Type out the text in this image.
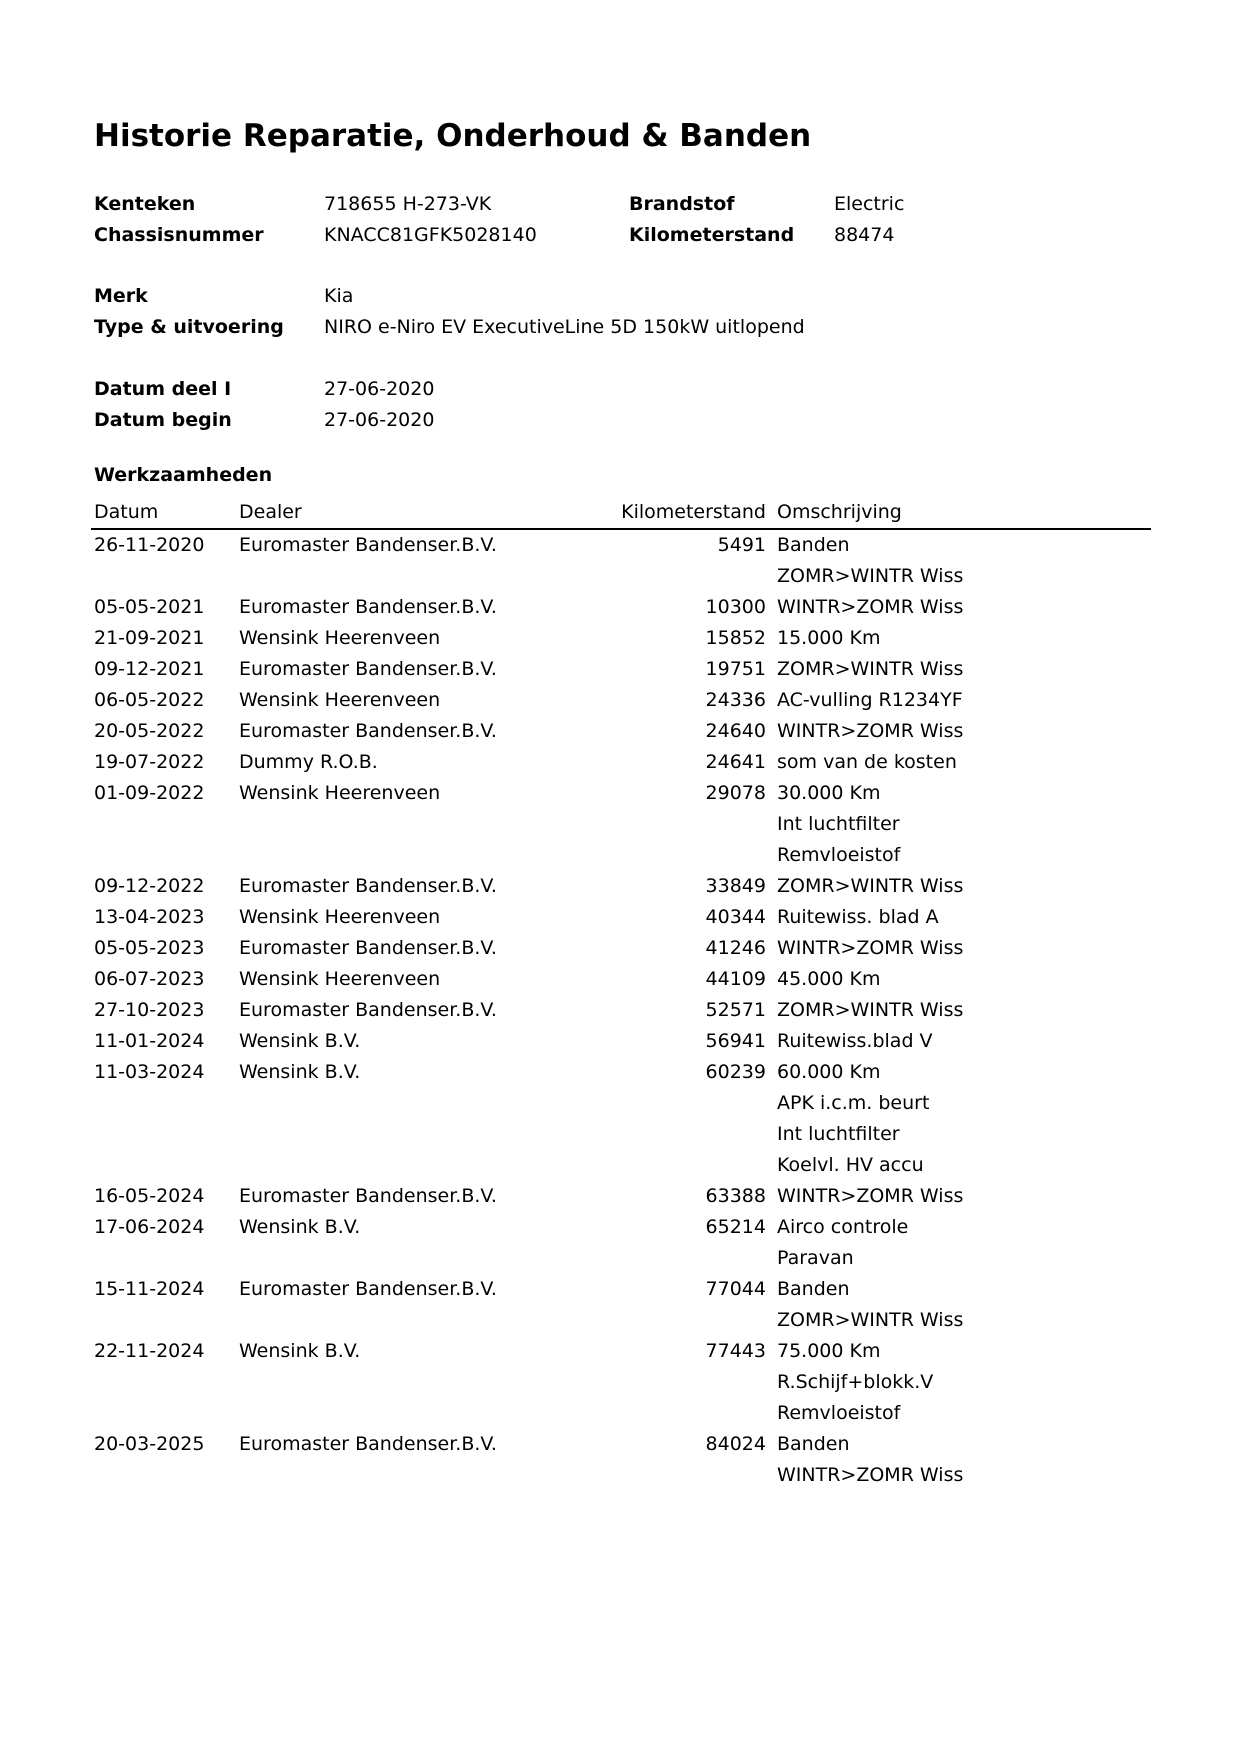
Historie Reparatie, Onderhoud & Banden
Kenteken	718655 H-273-VK	Brandstof	Electric
Chassisnummer	KNACC81GFK5028140	Kilometerstand 88474
Merk	Kia
Type & uitvoering NIRO e-Niro EV ExecutiveLine 5D 150kW uitlopend
Datum deel I	27-06-2020
Datum begin	27-06-2020
Werkzaamheden
Datum	Dealer	Kilometerstand Omschrijving
26-11-2020 Euromaster Bandenser.B.V.	5491 Banden
ZOMR>WINTR Wiss
05-05-2021 Euromaster Bandenser.B.V.	10300 WINTR>ZOMR Wiss
21-09-2021 Wensink Heerenveen	15852 15.000 Km
09-12-2021 Euromaster Bandenser.B.V.	19751 ZOMR>WINTR Wiss
06-05-2022 Wensink Heerenveen	24336 AC-vulling R1234YF
20-05-2022 Euromaster Bandenser.B.V.	24640 WINTR>ZOMR Wiss
19-07-2022 Dummy R.O.B.	24641 som van de kosten
01-09-2022 Wensink Heerenveen	29078 30.000 Km
Int luchtfilter
Remvloeistof
09-12-2022 Euromaster Bandenser.B.V.	33849 ZOMR>WINTR Wiss
13-04-2023 Wensink Heerenveen	40344 Ruitewiss. blad A
05-05-2023 Euromaster Bandenser.B.V.	41246 WINTR>ZOMR Wiss
06-07-2023 Wensink Heerenveen	44109 45.000 Km
27-10-2023 Euromaster Bandenser.B.V.	52571 ZOMR>WINTR Wiss
11-01-2024 Wensink B.V.	56941 Ruitewiss.blad V
11-03-2024 Wensink B.V.	60239 60.000 Km
APK i.c.m. beurt
Int luchtfilter
Koelvl. HV accu
16-05-2024 Euromaster Bandenser.B.V.	63388 WINTR>ZOMR Wiss
17-06-2024 Wensink B.V.	65214 Airco controle
Paravan
15-11-2024 Euromaster Bandenser.B.V.	77044 Banden
ZOMR>WINTR Wiss
22-11-2024 Wensink B.V.	77443 75.000 Km
R.Schijf+blokk.V
Remvloeistof
20-03-2025 Euromaster Bandenser.B.V.	84024 Banden
WINTR>ZOMR Wiss
